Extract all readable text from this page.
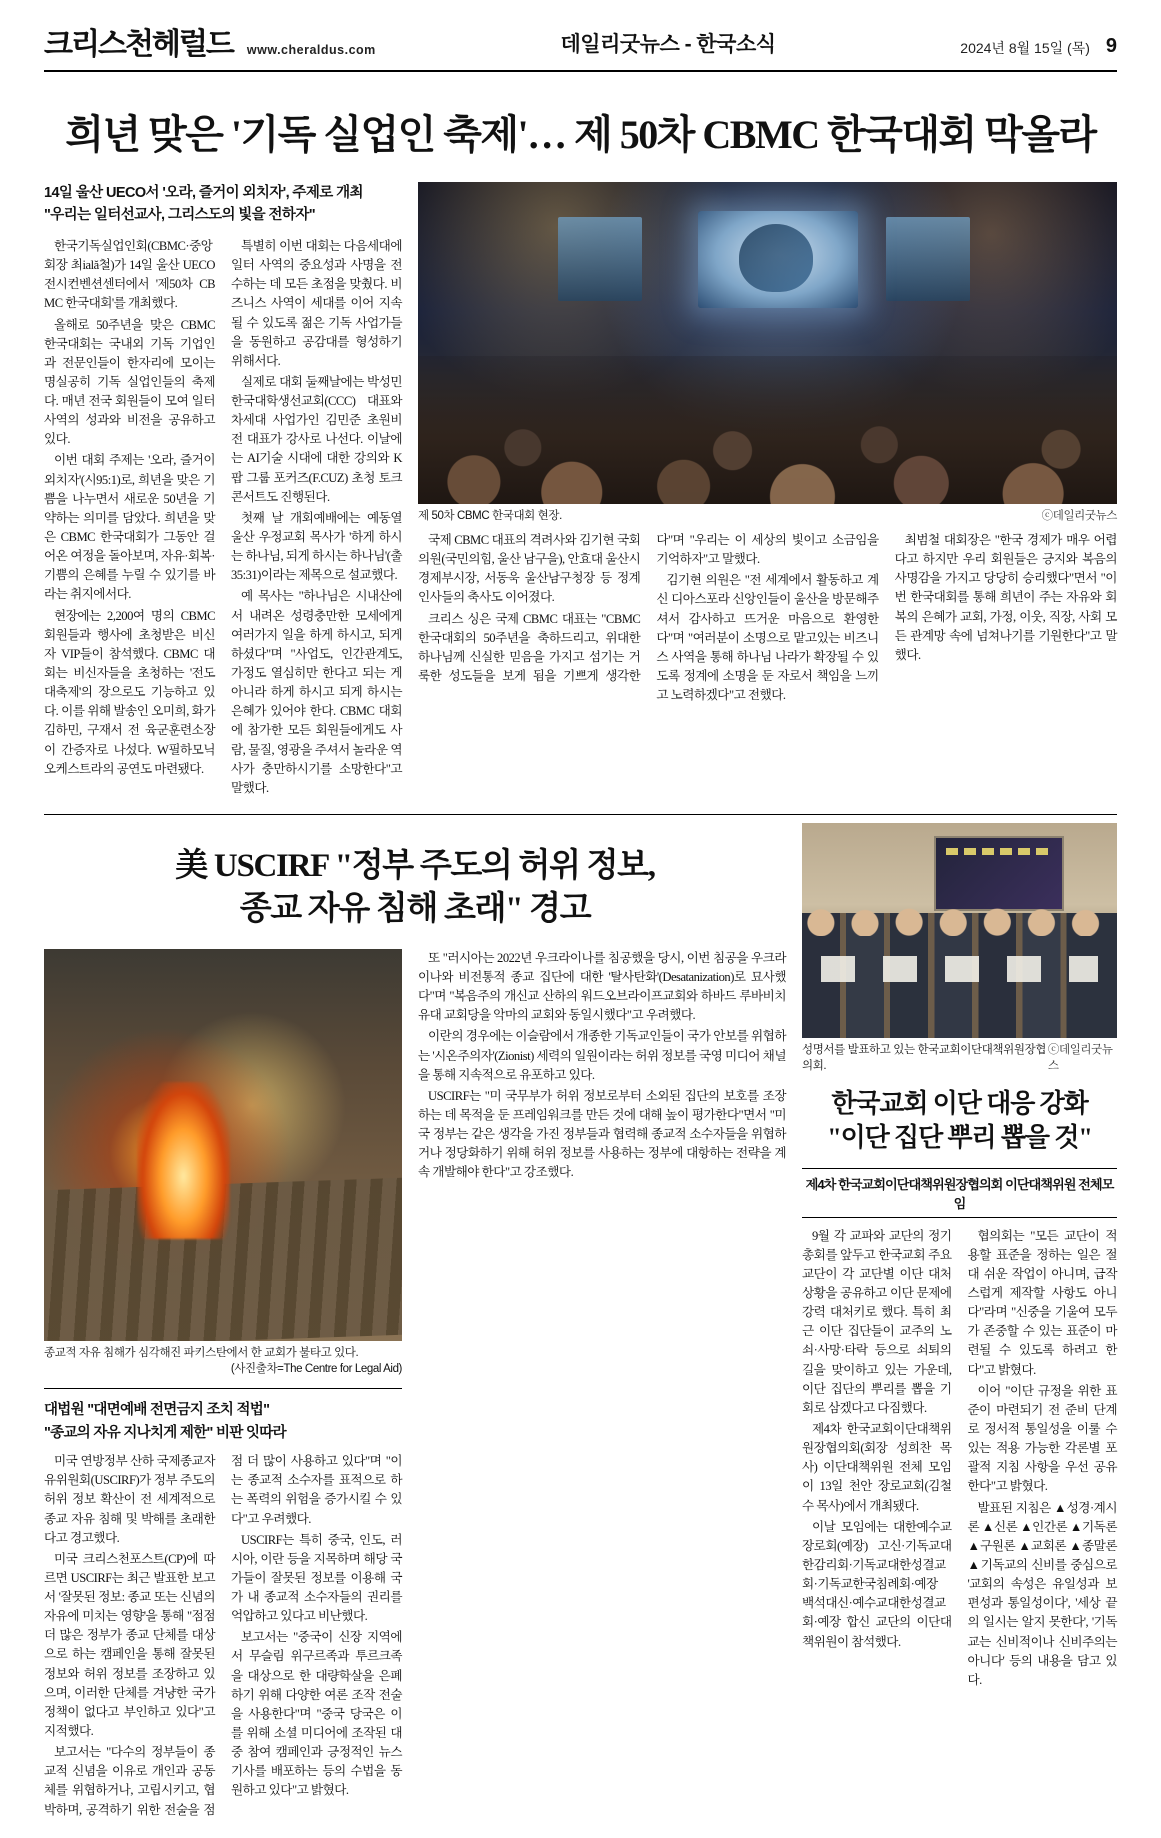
크리스천헤럴드 www.cheraldus.com	데일리굿뉴스 - 한국소식	2024년 8월 15일 (목) 9
희년 맞은 '기독 실업인 축제'… 제 50차 CBMC 한국대회 막올라
14일 울산 UECO서 '오라, 즐거이 외치자', 주제로 개최
"우리는 일터선교사, 그리스도의 빛을 전하자"

한국기독실업인회(CBMC·중앙회장 최ială철)가 14일 울산 UECO전시컨벤션센터에서 '제50차 CBMC 한국대회'를 개최했다.

올해로 50주년을 맞은 CBMC 한국대회는 국내외 기독 기업인과 전문인들이 한자리에 모이는 명실공히 기독 실업인들의 축제다. 매년 전국 회원들이 모여 일터 사역의 성과와 비전을 공유하고 있다.

이번 대회 주제는 '오라, 즐거이 외치자'(시95:1)로, 희년을 맞은 기쁨을 나누면서 새로운 50년을 기약하는 의미를 담았다. 희년을 맞은 CBMC 한국대회가 그동안 걸어온 여정을 돌아보며, 자유·회복·기쁨의 은혜를 누릴 수 있기를 바라는 취지에서다.

현장에는 2,200여 명의 CBMC 회원들과 행사에 초청받은 비신자 VIP들이 참석했다. CBMC 대회는 비신자들을 초청하는 '전도대축제'의 장으로도 기능하고 있다. 이를 위해 발송인 오미희, 화가 김하민, 구재서 전 육군훈련소장이 간증자로 나섰다. W필하모닉 오케스트라의 공연도 마련됐다.

특별히 이번 대회는 다음세대에 일터 사역의 중요성과 사명을 전수하는 데 모든 초점을 맞췄다. 비즈니스 사역이 세대를 이어 지속될 수 있도록 젊은 기독 사업가들을 동원하고 공감대를 형성하기 위해서다.

실제로 대회 둘째날에는 박성민 한국대학생선교회(CCC) 대표와 차세대 사업가인 김민준 초원비전 대표가 강사로 나선다. 이날에는 AI기술 시대에 대한 강의와 K팝 그룹 포커즈(F.CUZ) 초청 토크콘서트도 진행된다.

첫째 날 개회예배에는 예동열 울산 우정교회 목사가 '하게 하시는 하나님, 되게 하시는 하나님'(출 35:31)이라는 제목으로 설교했다.

예 목사는 "하나님은 시내산에서 내려온 성령충만한 모세에게 여러가지 일을 하게 하시고, 되게 하셨다"며 "사업도, 인간관계도, 가정도 열심히만 한다고 되는 게 아니라 하게 하시고 되게 하시는 은혜가 있어야 한다. CBMC 대회에 참가한 모든 회원들에게도 사람, 물질, 영광을 주셔서 놀라운 역사가 충만하시기를 소망한다"고 말했다.

제 50차 CBMC 한국대회 현장.	ⓒ데일리굿뉴스

국제 CBMC 대표의 격려사와 김기현 국회의원(국민의힘, 울산 남구을), 안효대 울산시 경제부시장, 서동욱 울산남구청장 등 정계 인사들의 축사도 이어졌다.

크리스 싱은 국제 CBMC 대표는 "CBMC 한국대회의 50주년을 축하드리고, 위대한 하나님께 신실한 믿음을 가지고 섬기는 거룩한 성도들을 보게 됨을 기쁘게 생각한다"며 "우리는 이 세상의 빛이고 소금임을 기억하자"고 말했다.

김기현 의원은 "전 세계에서 활동하고 계신 디아스포라 신앙인들이 울산을 방문해주셔서 감사하고 뜨거운 마음으로 환영한다"며 "여러분이 소명으로 맡고있는 비즈니스 사역을 통해 하나님 나라가 확장될 수 있도록 정계에 소명을 둔 자로서 책임을 느끼고 노력하겠다"고 전했다.

최범철 대회장은 "한국 경제가 매우 어렵다고 하지만 우리 회원들은 긍지와 복음의 사명감을 가지고 당당히 승리했다"면서 "이번 한국대회를 통해 희년이 주는 자유와 회복의 은혜가 교회, 가정, 이웃, 직장, 사회 모든 관계망 속에 넘쳐나기를 기원한다"고 말했다.

美 USCIRF "정부 주도의 허위 정보,
종교 자유 침해 초래" 경고
종교적 자유 침해가 심각해진 파키스탄에서 한 교회가 불타고 있다.
(사진출차=The Centre for Legal Aid)
대법원 "대면예배 전면금지 조치 적법"
"종교의 자유 지나치게 제한" 비판 잇따라

미국 연방정부 산하 국제종교자유위원회(USCIRF)가 정부 주도의 허위 정보 확산이 전 세계적으로 종교 자유 침해 및 박해를 초래한다고 경고했다.

미국 크리스천포스트(CP)에 따르면 USCIRF는 최근 발표한 보고서 '잘못된 정보: 종교 또는 신념의 자유에 미치는 영향'을 통해 "점점 더 많은 정부가 종교 단체를 대상으로 하는 캠페인을 통해 잘못된 정보와 허위 정보를 조장하고 있으며, 이러한 단체를 겨냥한 국가 정책이 없다고 부인하고 있다"고 지적했다.

보고서는 "다수의 정부들이 종교적 신념을 이유로 개인과 공동체를 위협하거나, 고립시키고, 협박하며, 공격하기 위한 전술을 점점 더 많이 사용하고 있다"며 "이는 종교적 소수자를 표적으로 하는 폭력의 위험을 증가시킬 수 있다"고 우려했다.

USCIRF는 특히 중국, 인도, 러시아, 이란 등을 지목하며 해당 국가들이 잘못된 정보를 이용해 국가 내 종교적 소수자들의 권리를 억압하고 있다고 비난했다.

보고서는 "중국이 신장 지역에서 무슬림 위구르족과 투르크족을 대상으로 한 대량학살을 은폐하기 위해 다양한 여론 조작 전술을 사용한다"며 "중국 당국은 이를 위해 소셜 미디어에 조작된 대중 참여 캠페인과 긍정적인 뉴스 기사를 배포하는 등의 수법을 동원하고 있다"고 밝혔다.

또 "러시아는 2022년 우크라이나를 침공했을 당시, 이번 침공을 우크라이나와 비전통적 종교 집단에 대한 '탈사탄화'(Desatanization)로 묘사했다"며 "복음주의 개신교 산하의 워드오브라이프교회와 하바드 루바비치 유대 교회당을 악마의 교회와 동일시했다"고 우려했다.

이란의 경우에는 이슬람에서 개종한 기독교인들이 국가 안보를 위협하는 '시온주의자'(Zionist) 세력의 일원이라는 허위 정보를 국영 미디어 채널을 통해 지속적으로 유포하고 있다.

USCIRF는 "미 국무부가 허위 정보로부터 소외된 집단의 보호를 조장하는 데 목적을 둔 프레임워크를 만든 것에 대해 높이 평가한다"면서 "미국 정부는 같은 생각을 가진 정부들과 협력해 종교적 소수자들을 위협하거나 정당화하기 위해 허위 정보를 사용하는 정부에 대항하는 전략을 계속 개발해야 한다"고 강조했다.

성명서를 발표하고 있는 한국교회이단대책위원장협의회.
ⓒ데일리굿뉴스
한국교회 이단 대응 강화
"이단 집단 뿌리 뽑을 것"
제4차 한국교회이단대책위원장협의회 이단대책위원 전체모임

9월 각 교파와 교단의 정기총회를 앞두고 한국교회 주요 교단이 각 교단별 이단 대처 상황을 공유하고 이단 문제에 강력 대처키로 했다. 특히 최근 이단 집단들이 교주의 노쇠·사망·타락 등으로 쇠퇴의 길을 맞이하고 있는 가운데, 이단 집단의 뿌리를 뽑을 기회로 삼겠다고 다짐했다.

제4차 한국교회이단대책위원장협의회(회장 성희찬 목사) 이단대책위원 전체 모임이 13일 천안 장로교회(김철수 목사)에서 개최됐다.

이날 모임에는 대한예수교장로회(예장) 고신·기독교대한감리회·기독교대한성결교회·기독교한국침례회·예장 백석대신·예수교대한성결교회·예장 합신 교단의 이단대책위원이 참석했다.

협의회는 "모든 교단이 적용할 표준을 정하는 일은 절대 쉬운 작업이 아니며, 급작스럽게 제작할 사항도 아니다"라며 "신중을 기울여 모두가 존중할 수 있는 표준이 마련될 수 있도록 하려고 한다"고 밝혔다.

이어 "이단 규정을 위한 표준이 마련되기 전 준비 단계로 정서적 통일성을 이룰 수 있는 적용 가능한 각론별 포괄적 지침 사항을 우선 공유한다"고 밝혔다.

발표된 지침은 ▲성경·계시론 ▲신론 ▲인간론 ▲기독론 ▲구원론 ▲교회론 ▲종말론 ▲기독교의 신비를 중심으로 '교회의 속성은 유일성과 보편성과 통일성이다', '세상 끝의 일시는 알지 못한다', '기독교는 신비적이나 신비주의는 아니다' 등의 내용을 담고 있다.
